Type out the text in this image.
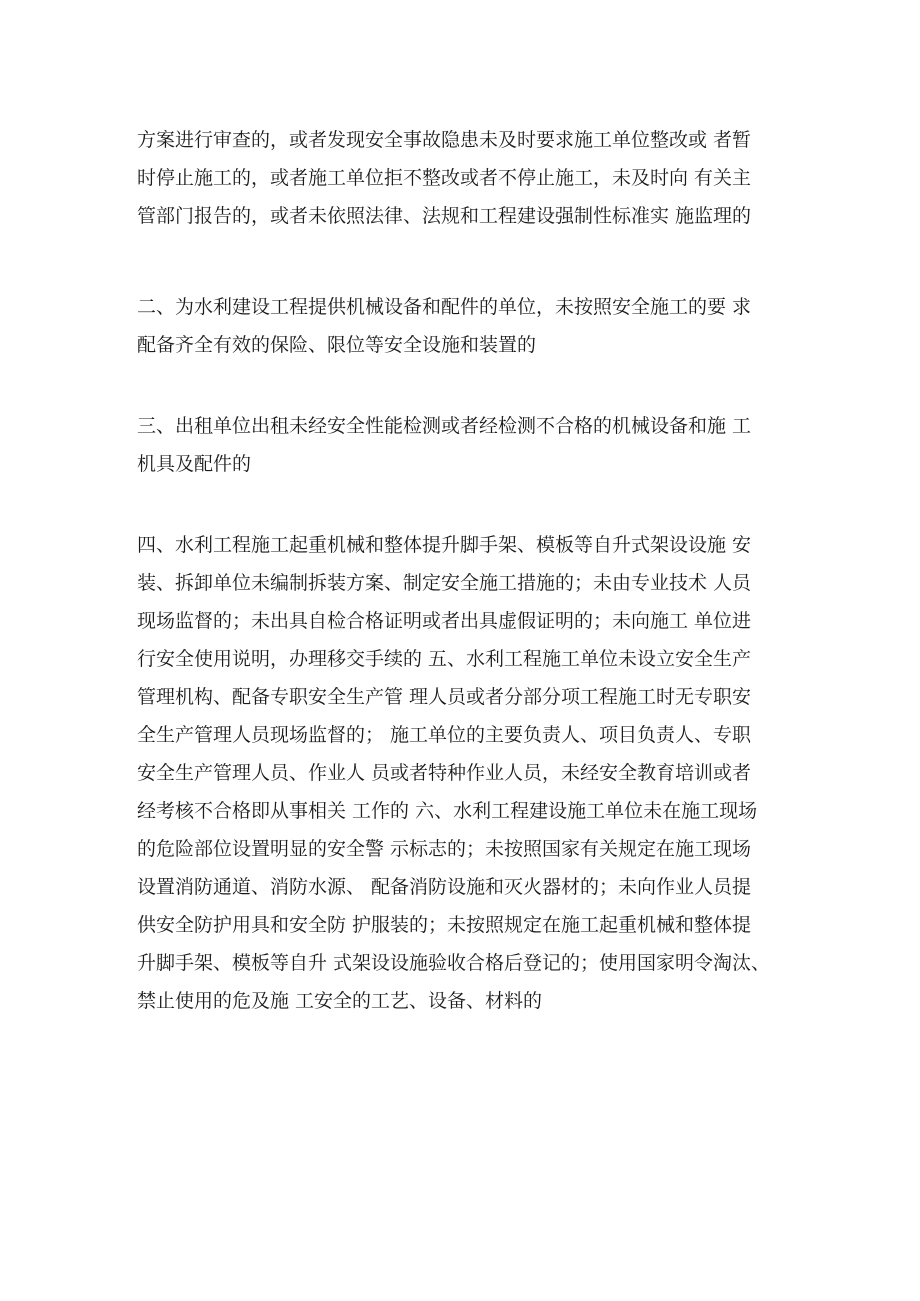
方案进行审查的，或者发现安全事故隐患未及时要求施工单位整改或 者暂
时停止施工的，或者施工单位拒不整改或者不停止施工，未及时向 有关主
管部门报告的，或者未依照法律、法规和工程建设强制性标准实 施监理的
二、为水利建设工程提供机械设备和配件的单位，未按照安全施工的要 求
配备齐全有效的保险、限位等安全设施和装置的
三、出租单位出租未经安全性能检测或者经检测不合格的机械设备和施 工
机具及配件的
四、水利工程施工起重机械和整体提升脚手架、模板等自升式架设设施 安
装、拆卸单位未编制拆装方案、制定安全施工措施的；未由专业技术 人员
现场监督的；未出具自检合格证明或者出具虚假证明的；未向施工 单位进
行安全使用说明，办理移交手续的 五、水利工程施工单位未设立安全生产
管理机构、配备专职安全生产管 理人员或者分部分项工程施工时无专职安
全生产管理人员现场监督的； 施工单位的主要负责人、项目负责人、专职
安全生产管理人员、作业人 员或者特种作业人员，未经安全教育培训或者
经考核不合格即从事相关 工作的 六、水利工程建设施工单位未在施工现场
的危险部位设置明显的安全警 示标志的；未按照国家有关规定在施工现场
设置消防通道、消防水源、 配备消防设施和灭火器材的；未向作业人员提
供安全防护用具和安全防 护服装的；未按照规定在施工起重机械和整体提
升脚手架、模板等自升 式架设设施验收合格后登记的；使用国家明令淘汰、
禁止使用的危及施 工安全的工艺、设备、材料的
